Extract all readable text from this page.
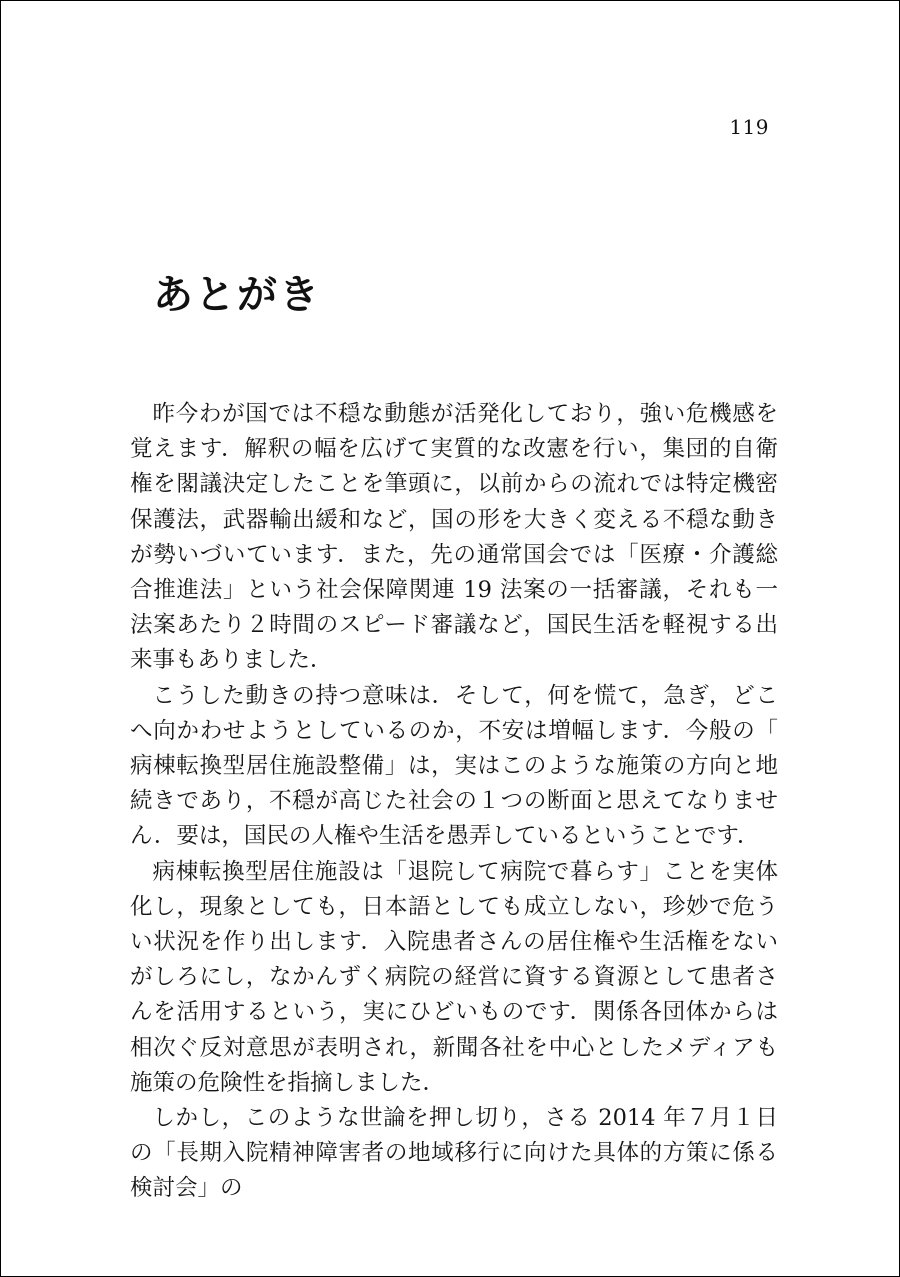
119
あとがき

昨今わが国では不穏な動態が活発化しており，強い危機感を覚えます．解釈の幅を広げて実質的な改憲を行い，集団的自衛権を閣議決定したことを筆頭に，以前からの流れでは特定機密保護法，武器輸出緩和など，国の形を大きく変える不穏な動きが勢いづいています．また，先の通常国会では「医療・介護総合推進法」という社会保障関連 19 法案の一括審議，それも一法案あたり２時間のスピード審議など，国民生活を軽視する出来事もありました．

こうした動きの持つ意味は．そして，何を慌て，急ぎ，どこへ向かわせようとしているのか，不安は増幅します．今般の「病棟転換型居住施設整備」は，実はこのような施策の方向と地続きであり，不穏が高じた社会の１つの断面と思えてなりません．要は，国民の人権や生活を愚弄しているということです．

病棟転換型居住施設は「退院して病院で暮らす」ことを実体化し，現象としても，日本語としても成立しない，珍妙で危うい状況を作り出します．入院患者さんの居住権や生活権をないがしろにし，なかんずく病院の経営に資する資源として患者さんを活用するという，実にひどいものです．関係各団体からは相次ぐ反対意思が表明され，新聞各社を中心としたメディアも施策の危険性を指摘しました．

しかし，このような世論を押し切り，さる 2014 年７月１日の「長期入院精神障害者の地域移行に向けた具体的方策に係る検討会」の
